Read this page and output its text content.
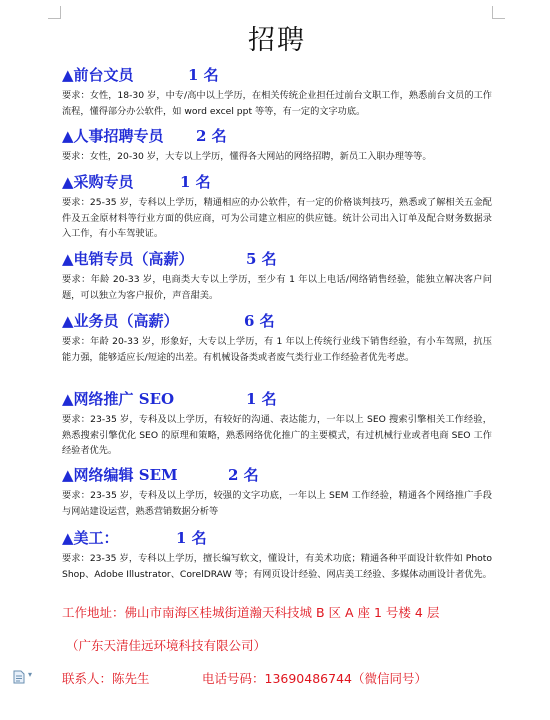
招聘
▲前台文员	1 名
要求：女性，18-30 岁，中专/高中以上学历，在相关传统企业担任过前台文职工作，熟悉前台文员的工作流程，懂得部分办公软件，如 word excel ppt 等等，有一定的文字功底。
▲人事招聘专员 2 名
要求：女性，20-30 岁，大专以上学历，懂得各大网站的网络招聘，新员工入职办理等等。
▲采购专员	1 名
要求：25-35 岁，专科以上学历，精通相应的办公软件，有一定的价格谈判技巧，熟悉或了解相关五金配件及五金原材料等行业方面的供应商，可为公司建立相应的供应链。统计公司出入订单及配合财务数据录入工作，有小车驾驶证。
▲电销专员（高薪）	5 名
要求：年龄 20-33 岁，电商类大专以上学历，至少有 1 年以上电话/网络销售经验，能独立解决客户问题，可以独立为客户报价，声音甜美。
▲业务员（高薪）	6 名
要求：年龄 20-33 岁，形象好，大专以上学历，有 1 年以上传统行业线下销售经验，有小车驾照，抗压能力强，能够适应长/短途的出差。有机械设备类或者废气类行业工作经验者优先考虑。
▲网络推广 SEO	1 名
要求：23-35 岁，专科及以上学历，有较好的沟通、表达能力，一年以上 SEO 搜索引擎相关工作经验，熟悉搜索引擎优化 SEO 的原理和策略，熟悉网络优化推广的主要模式，有过机械行业或者电商 SEO 工作经验者优先。
▲网络编辑 SEM	2 名
要求：23-35 岁，专科及以上学历，较强的文字功底，一年以上 SEM 工作经验，精通各个网络推广手段与网站建设运营，熟悉营销数据分析等
▲美工：	1 名
要求：23-35 岁，专科以上学历，擅长编写软文，懂设计，有美术功底；精通各种平面设计软件如 PhotoShop、Adobe Illustrator、CorelDRAW 等；有网页设计经验、网店美工经验、多媒体动画设计者优先。
工作地址：佛山市南海区桂城街道瀚天科技城 B 区 A 座 1 号楼 4 层
（广东天清佳远环境科技有限公司）
联系人：陈先生	电话号码：13690486744（微信同号）
▾
